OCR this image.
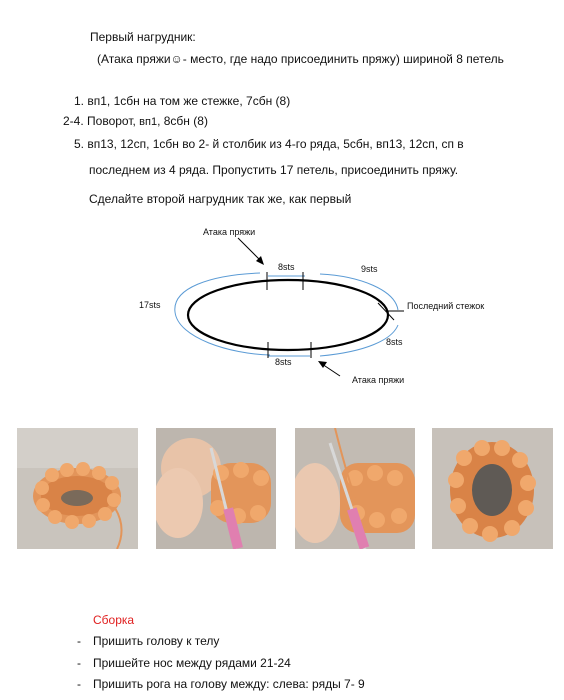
Первый нагрудник:
(Атака пряжи☺- место, где надо присоединить пряжу) шириной 8 петель
1. вп1, 1сбн на том же стежке, 7сбн (8)
2-4. Поворот, вп1, 8сбн (8)
5. вп13, 12сп, 1сбн во 2- й столбик из 4-го ряда, 5сбн, вп13, 12сп, сп в
последнем из 4 ряда. Пропустить 17 петель, присоединить пряжу.
Сделайте второй нагрудник так же, как первый
Атака пряжи
8sts	9sts
17sts	Последний стежок
8sts
8sts
Атака пряжи
Сборка
- Пришить голову к телу
- Пришейте нос между рядами 21-24
- Пришить рога на голову между: слева: ряды 7- 9
